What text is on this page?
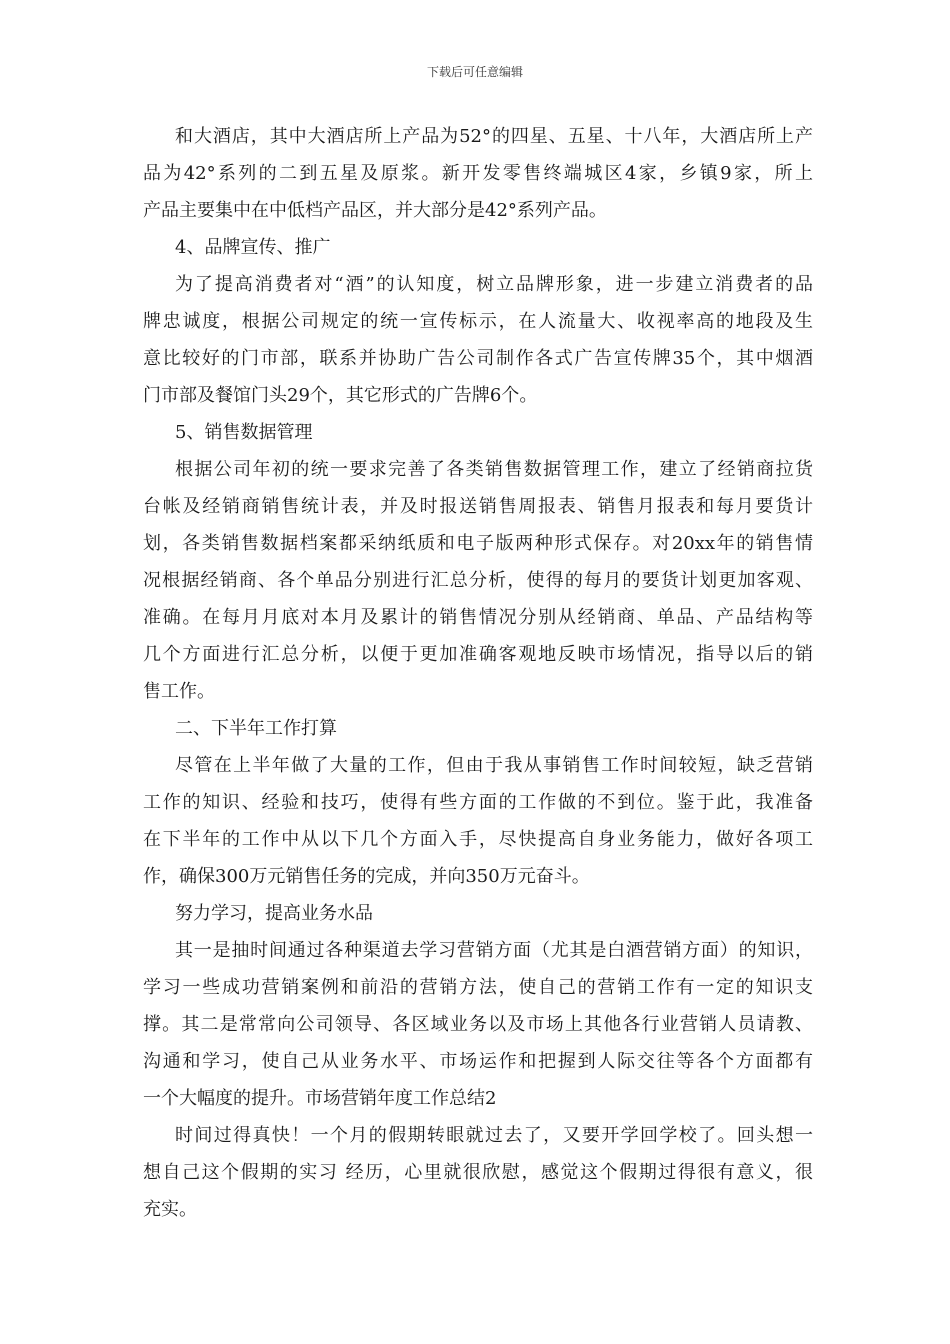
下载后可任意编辑
和大酒店，其中大酒店所上产品为52°的四星、五星、十八年，大酒店所上产
品为42°系列的二到五星及原浆。新开发零售终端城区4家，乡镇9家，所上
产品主要集中在中低档产品区，并大部分是42°系列产品。
4、品牌宣传、推广
为了提高消费者对“酒”的认知度，树立品牌形象，进一步建立消费者的品
牌忠诚度，根据公司规定的统一宣传标示，在人流量大、收视率高的地段及生
意比较好的门市部，联系并协助广告公司制作各式广告宣传牌35个，其中烟酒
门市部及餐馆门头29个，其它形式的广告牌6个。
5、销售数据管理
根据公司年初的统一要求完善了各类销售数据管理工作，建立了经销商拉货
台帐及经销商销售统计表，并及时报送销售周报表、销售月报表和每月要货计
划，各类销售数据档案都采纳纸质和电子版两种形式保存。对20xx年的销售情
况根据经销商、各个单品分别进行汇总分析，使得的每月的要货计划更加客观、
准确。在每月月底对本月及累计的销售情况分别从经销商、单品、产品结构等
几个方面进行汇总分析，以便于更加准确客观地反映市场情况，指导以后的销
售工作。
二、下半年工作打算
尽管在上半年做了大量的工作，但由于我从事销售工作时间较短，缺乏营销
工作的知识、经验和技巧，使得有些方面的工作做的不到位。鉴于此，我准备
在下半年的工作中从以下几个方面入手，尽快提高自身业务能力，做好各项工
作，确保300万元销售任务的完成，并向350万元奋斗。
努力学习，提高业务水品
其一是抽时间通过各种渠道去学习营销方面（尤其是白酒营销方面）的知识，
学习一些成功营销案例和前沿的营销方法，使自己的营销工作有一定的知识支
撑。其二是常常向公司领导、各区域业务以及市场上其他各行业营销人员请教、
沟通和学习，使自己从业务水平、市场运作和把握到人际交往等各个方面都有
一个大幅度的提升。市场营销年度工作总结2
时间过得真快！一个月的假期转眼就过去了，又要开学回学校了。回头想一
想自己这个假期的实习 经历，心里就很欣慰，感觉这个假期过得很有意义，很
充实。
